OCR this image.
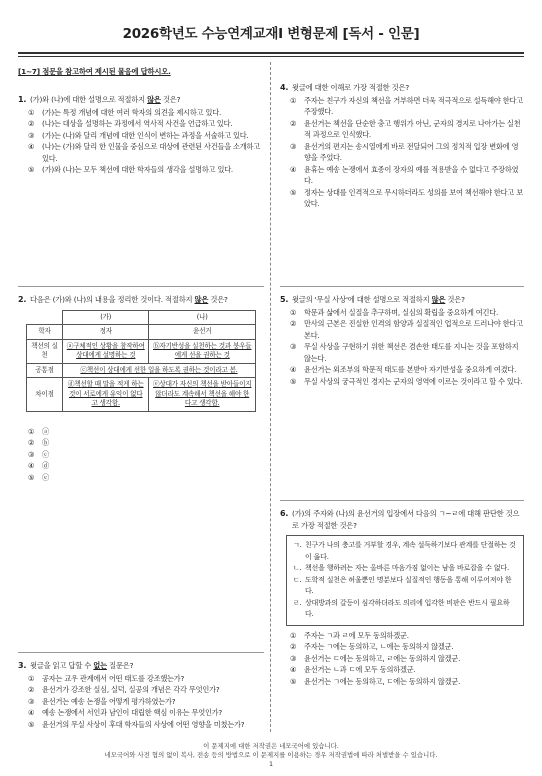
2026학년도 수능연계교재Ⅰ 변형문제 [독서 - 인문]
[1~7] 점문을 참고하여 제시된 물음에 답하시오.
1. (가)와 (나)에 대한 설명으로 적절하지 않은 것은?
① (가)는 특정 개념에 대한 여러 학자의 의견을 제시하고 있다.
② (나)는 대상을 설명하는 과정에서 역사적 사건을 언급하고 있다.
③ (가)는 (나)와 달리 개념에 대한 인식이 변하는 과정을 서술하고 있다.
④ (나)는 (가)와 달리 한 인물을 중심으로 대상에 관련된 사건들을 소개하고 있다.
⑤ (가)와 (나)는 모두 책선에 대한 학자들의 생각을 설명하고 있다.
2. 다음은 (가)와 (나)의 내용을 정리한 것이다. 적절하지 않은 것은?
	(가)	(나)
학자	정자	윤선거
책선의 실천	ⓐ구체적인 상황을 참작하여 상대에게 설명하는 것	ⓑ자기반성을 실천하는 것과 붕우들에게 선을 권하는 것
공통점	ⓒ책선이 상대에게 선한 일을 하도록 권하는 것이라고 봄.	
차이점	ⓓ책선할 때 말을 적게 하는 것이 서로에게 유익이 없다고 생각함.	ⓔ상대가 자신의 책선을 받아들이지 않더라도 계속해서 책선을 해야 한다고 생각함.
① ⓐ
② ⓑ
③ ⓒ
④ ⓓ
⑤ ⓔ
3. 윗글을 읽고 답할 수 없는 질문은?
① 공자는 교우 관계에서 어떤 태도를 강조했는가?
② 윤선거가 강조한 실심, 실덕, 실공의 개념은 각각 무엇인가?
③ 윤선거는 예송 논쟁을 어떻게 평가하였는가?
④ 예송 논쟁에서 서인과 남인이 대립한 핵심 이유는 무엇인가?
⑤ 윤선거의 무실 사상이 후대 학자들의 사상에 어떤 영향을 미쳤는가?
4. 윗글에 대한 이해로 가장 적절한 것은?
① 주자는 친구가 자신의 책선을 거부하면 더욱 적극적으로 설득해야 한다고 주장했다.
② 윤선거는 책선을 단순한 충고 행위가 아닌, 군자의 경지로 나아가는 실천적 과정으로 인식했다.
③ 윤선거의 편지는 송시열에게 바로 전달되어 그의 정치적 입장 변화에 영향을 주었다.
④ 윤휴는 예송 논쟁에서 효종이 장자의 예를 적용받을 수 없다고 주장하였다.
⑤ 정자는 상대를 인격적으로 무시하더라도 성의를 보여 책선해야 한다고 보았다.
5. 윗글의 '무실 사상'에 대한 설명으로 적절하지 않은 것은?
① 학문과 삶에서 실질을 추구하며, 실심의 확립을 중요하게 여긴다.
② 만사의 근본은 진실한 인격의 함양과 실질적인 업적으로 드러나야 한다고 본다.
③ 무실 사상을 구현하기 위한 책선은 겸손한 태도를 지니는 것을 포함하지 않는다.
④ 윤선거는 외조부의 학문적 태도를 본받아 자기반성을 중요하게 여겼다.
⑤ 무실 사상의 궁극적인 경지는 군자의 영역에 이르는 것이라고 할 수 있다.
6. (가)의 주자와 (나)의 윤선거의 입장에서 다음의 ㄱ~ㄹ에 대해 판단한 것으로 가장 적절한 것은?
ㄱ. 친구가 나의 충고를 거부할 경우, 계속 설득하기보다 관계를 단절하는 것이 옳다.
ㄴ. 책선을 행하려는 자는 올바른 마음가짐 없이는 남을 바로잡을 수 없다.
ㄷ. 도학적 실천은 허울뿐인 명분보다 실질적인 행동을 통해 이루어져야 한다.
ㄹ. 상대방과의 갈등이 심각하더라도 의리에 입각한 비판은 반드시 필요하다.
① 주자는 ㄱ과 ㄹ에 모두 동의하겠군.
② 주자는 ㄱ에는 동의하고, ㄴ에는 동의하지 않겠군.
③ 윤선거는 ㄷ에는 동의하고, ㄹ에는 동의하지 않겠군.
④ 윤선거는 ㄴ과 ㄷ에 모두 동의하겠군.
⑤ 윤선거는 ㄱ에는 동의하고, ㄷ에는 동의하지 않겠군.
이 문제지에 대한 저작권은 네모국어에 있습니다.
네모국어와 사전 협의 없이 복사, 전송 등의 방법으로 이 문제지를 이용하는 경우 저작권법에 따라 처벌받을 수 있습니다.
1
